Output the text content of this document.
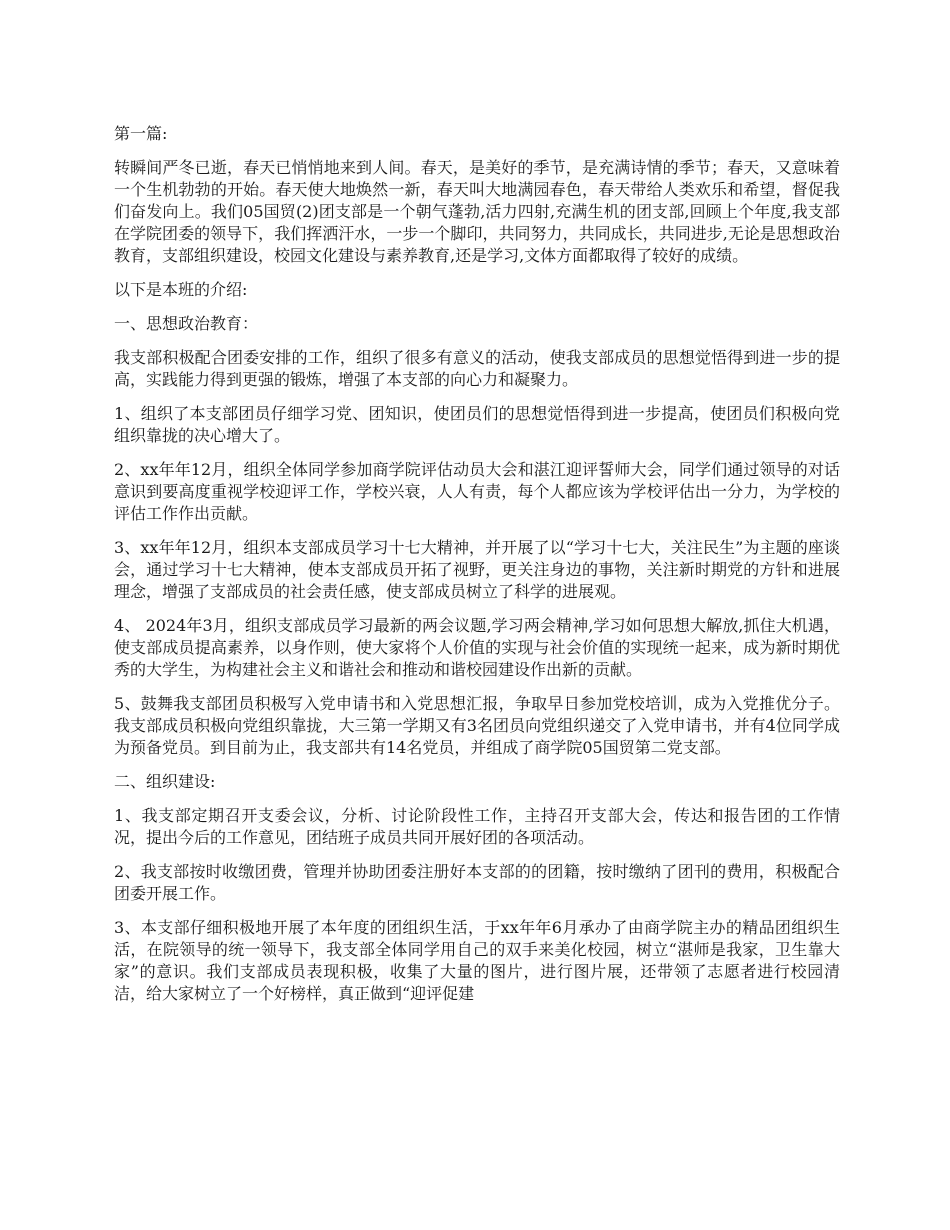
第一篇:

转瞬间严冬已逝，春天已悄悄地来到人间。春天，是美好的季节，是充满诗情的季节；春天，又意味着一个生机勃勃的开始。春天使大地焕然一新，春天叫大地满园春色，春天带给人类欢乐和希望，督促我们奋发向上。我们05国贸(2)团支部是一个朝气蓬勃,活力四射,充满生机的团支部,回顾上个年度,我支部在学院团委的领导下，我们挥洒汗水，一步一个脚印，共同努力，共同成长，共同进步,无论是思想政治教育，支部组织建设，校园文化建设与素养教育,还是学习,文体方面都取得了较好的成绩。

以下是本班的介绍:

一、思想政治教育：

我支部积极配合团委安排的工作，组织了很多有意义的活动，使我支部成员的思想觉悟得到进一步的提高，实践能力得到更强的锻炼，增强了本支部的向心力和凝聚力。

1、组织了本支部团员仔细学习党、团知识，使团员们的思想觉悟得到进一步提高，使团员们积极向党组织靠拢的决心增大了。

2、xx年年12月，组织全体同学参加商学院评估动员大会和湛江迎评誓师大会，同学们通过领导的对话意识到要高度重视学校迎评工作，学校兴衰，人人有责，每个人都应该为学校评估出一分力，为学校的评估工作作出贡献。

3、xx年年12月，组织本支部成员学习十七大精神，并开展了以“学习十七大，关注民生”为主题的座谈会，通过学习十七大精神，使本支部成员开拓了视野，更关注身边的事物，关注新时期党的方针和进展理念，增强了支部成员的社会责任感，使支部成员树立了科学的进展观。

4、 2024年3月，组织支部成员学习最新的两会议题,学习两会精神,学习如何思想大解放,抓住大机遇，使支部成员提高素养，以身作则，使大家将个人价值的实现与社会价值的实现统一起来，成为新时期优秀的大学生，为构建社会主义和谐社会和推动和谐校园建设作出新的贡献。

5、鼓舞我支部团员积极写入党申请书和入党思想汇报，争取早日参加党校培训，成为入党推优分子。我支部成员积极向党组织靠拢，大三第一学期又有3名团员向党组织递交了入党申请书，并有4位同学成为预备党员。到目前为止，我支部共有14名党员，并组成了商学院05国贸第二党支部。

二、组织建设:

1、我支部定期召开支委会议，分析、讨论阶段性工作，主持召开支部大会，传达和报告团的工作情况，提出今后的工作意见，团结班子成员共同开展好团的各项活动。

2、我支部按时收缴团费，管理并协助团委注册好本支部的的团籍，按时缴纳了团刊的费用，积极配合团委开展工作。

3、本支部仔细积极地开展了本年度的团组织生活，于xx年年6月承办了由商学院主办的精品团组织生活，在院领导的统一领导下，我支部全体同学用自己的双手来美化校园，树立“湛师是我家，卫生靠大家”的意识。我们支部成员表现积极，收集了大量的图片，进行图片展，还带领了志愿者进行校园清洁，给大家树立了一个好榜样，真正做到“迎评促建
